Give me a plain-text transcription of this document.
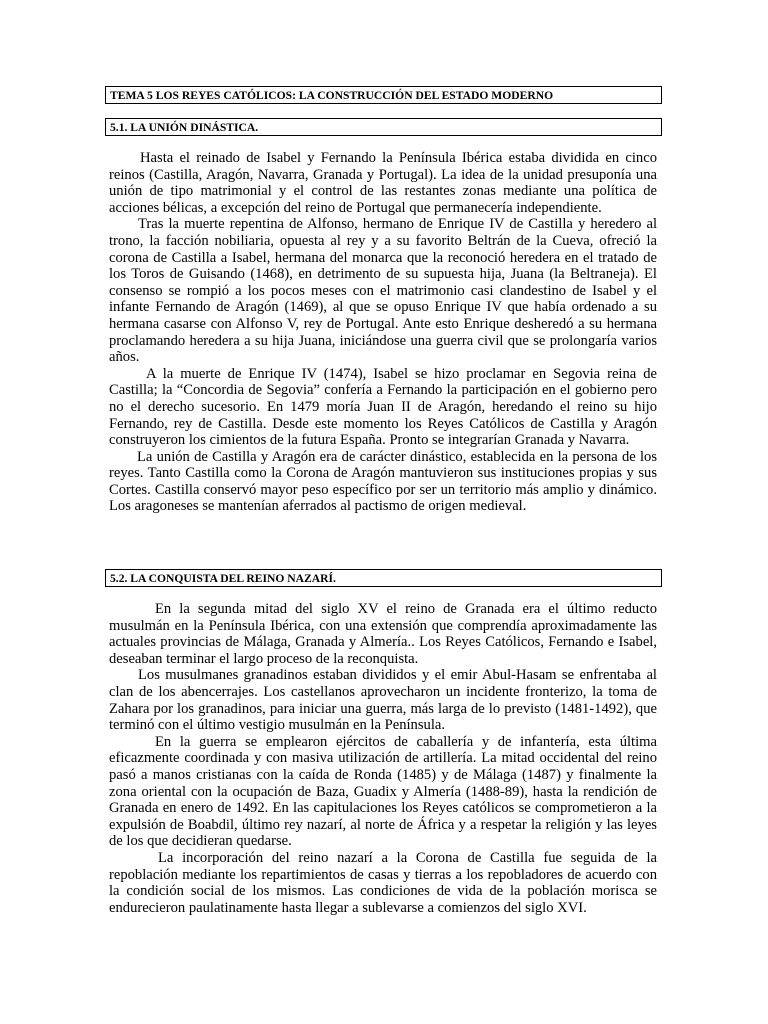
TEMA 5 LOS REYES CATÓLICOS: LA CONSTRUCCIÓN DEL ESTADO MODERNO
5.1. LA UNIÓN DINÁSTICA.

Hasta el reinado de Isabel y Fernando la Península Ibérica estaba dividida en cinco reinos (Castilla, Aragón, Navarra, Granada y Portugal). La idea de la unidad presuponía una unión de tipo matrimonial y el control de las restantes zonas mediante una política de acciones bélicas, a excepción del reino de Portugal que permanecería independiente.

Tras la muerte repentina de Alfonso, hermano de Enrique IV de Castilla y heredero al trono, la facción nobiliaria, opuesta al rey y a su favorito Beltrán de la Cueva, ofreció la corona de Castilla a Isabel, hermana del monarca que la reconoció heredera en el tratado de los Toros de Guisando (1468), en detrimento de su supuesta hija, Juana (la Beltraneja). El consenso se rompió a los pocos meses con el matrimonio casi clandestino de Isabel y el infante Fernando de Aragón (1469), al que se opuso Enrique IV que había ordenado a su hermana casarse con Alfonso V, rey de Portugal. Ante esto Enrique desheredó a su hermana proclamando heredera a su hija Juana, iniciándose una guerra civil que se prolongaría varios años.

A la muerte de Enrique IV (1474), Isabel se hizo proclamar en Segovia reina de Castilla; la “Concordia de Segovia” confería a Fernando la participación en el gobierno pero no el derecho sucesorio. En 1479 moría Juan II de Aragón, heredando el reino su hijo Fernando, rey de Castilla. Desde este momento los Reyes Católicos de Castilla y Aragón construyeron los cimientos de la futura España. Pronto se integrarían Granada y Navarra.

La unión de Castilla y Aragón era de carácter dinástico, establecida en la persona de los reyes. Tanto Castilla como la Corona de Aragón mantuvieron sus instituciones propias y sus Cortes. Castilla conservó mayor peso específico por ser un territorio más amplio y dinámico. Los aragoneses se mantenían aferrados al pactismo de origen medieval.

5.2. LA CONQUISTA DEL REINO NAZARÍ.

En la segunda mitad del siglo XV el reino de Granada era el último reducto musulmán en la Península Ibérica, con una extensión que comprendía aproximadamente las actuales provincias de Málaga, Granada y Almería.. Los Reyes Católicos, Fernando e Isabel, deseaban terminar el largo proceso de la reconquista.

Los musulmanes granadinos estaban divididos y el emir Abul-Hasam se enfrentaba al clan de los abencerrajes. Los castellanos aprovecharon un incidente fronterizo, la toma de Zahara por los granadinos, para iniciar una guerra, más larga de lo previsto (1481-1492), que terminó con el último vestigio musulmán en la Península.

En la guerra se emplearon ejércitos de caballería y de infantería, esta última eficazmente coordinada y con masiva utilización de artillería. La mitad occidental del reino pasó a manos cristianas con la caída de Ronda (1485) y de Málaga (1487) y finalmente la zona oriental con la ocupación de Baza, Guadix y Almería (1488-89), hasta la rendición de Granada en enero de 1492. En las capitulaciones los Reyes católicos se comprometieron a la expulsión de Boabdil, último rey nazarí, al norte de África y a respetar la religión y las leyes de los que decidieran quedarse.

La incorporación del reino nazarí a la Corona de Castilla fue seguida de la repoblación mediante los repartimientos de casas y tierras a los repobladores de acuerdo con la condición social de los mismos. Las condiciones de vida de la población morisca se endurecieron paulatinamente hasta llegar a sublevarse a comienzos del siglo XVI.
